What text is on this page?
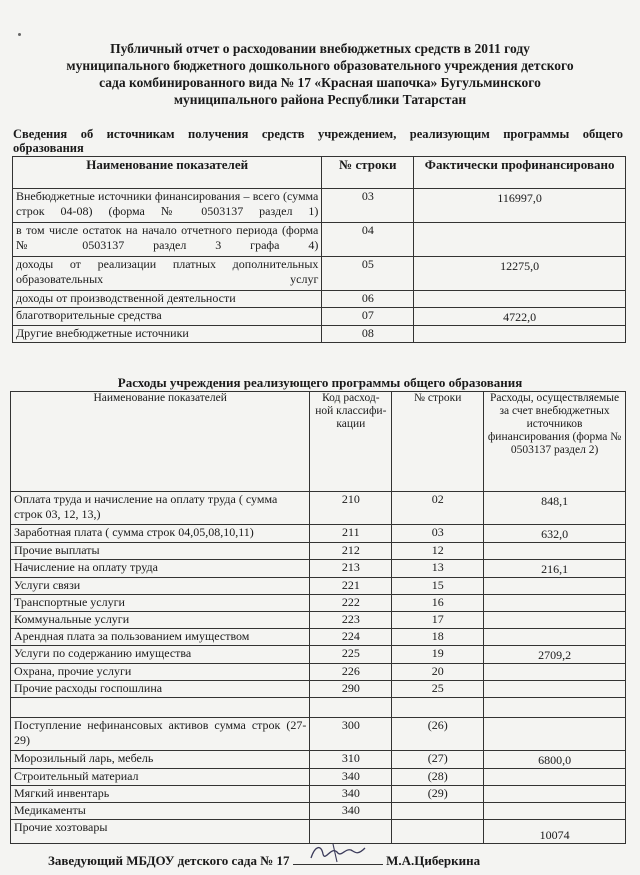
Публичный отчет о расходовании внебюджетных средств в 2011 году
муниципального бюджетного дошкольного образовательного учреждения детского
сада комбинированного вида № 17 «Красная шапочка» Бугульминского
муниципального района Республики Татарстан
Сведения об источникам получения средств учреждением, реализующим программы общего
образования
Наименование показателей	№ строки	Фактически профинансировано
Внебюджетные источники финансирования – всего (сумма строк 04-08) (форма № 0503137 раздел 1)	03	116997,0
в том числе остаток на начало отчетного периода (форма № 0503137 раздел 3 графа 4)	04	
доходы от реализации платных дополнительных образовательных услуг	05	12275,0
доходы от производственной деятельности	06	
благотворительные средства	07	4722,0
Другие внебюджетные источники	08	
Расходы учреждения реализующего программы общего образования
Наименование показателей	Код расход-ной классифи-кации	№ строки	Расходы, осуществляемые за счет внебюджетных источников финансирования (форма № 0503137 раздел 2)
Оплата труда и начисление на оплату труда ( сумма строк 03, 12, 13,)	210	02	848,1
Заработная плата ( сумма строк 04,05,08,10,11)	211	03	632,0
Прочие выплаты	212	12	
Начисление на оплату труда	213	13	216,1
Услуги связи	221	15	
Транспортные услуги	222	16	
Коммунальные услуги	223	17	
Арендная плата за пользованием имуществом	224	18	
Услуги по содержанию имущества	225	19	2709,2
Охрана, прочие услуги	226	20	
Прочие расходы госпошлина	290	25	

Поступление нефинансовых активов сумма строк (27-29)	300	(26)	
Морозильный ларь, мебель	310	(27)	6800,0
Строительный материал	340	(28)	
Мягкий инвентарь	340	(29)	
Медикаменты	340		
Прочие хозтовары			10074
Заведующий МБДОУ детского сада № 17	М.А.Циберкина
